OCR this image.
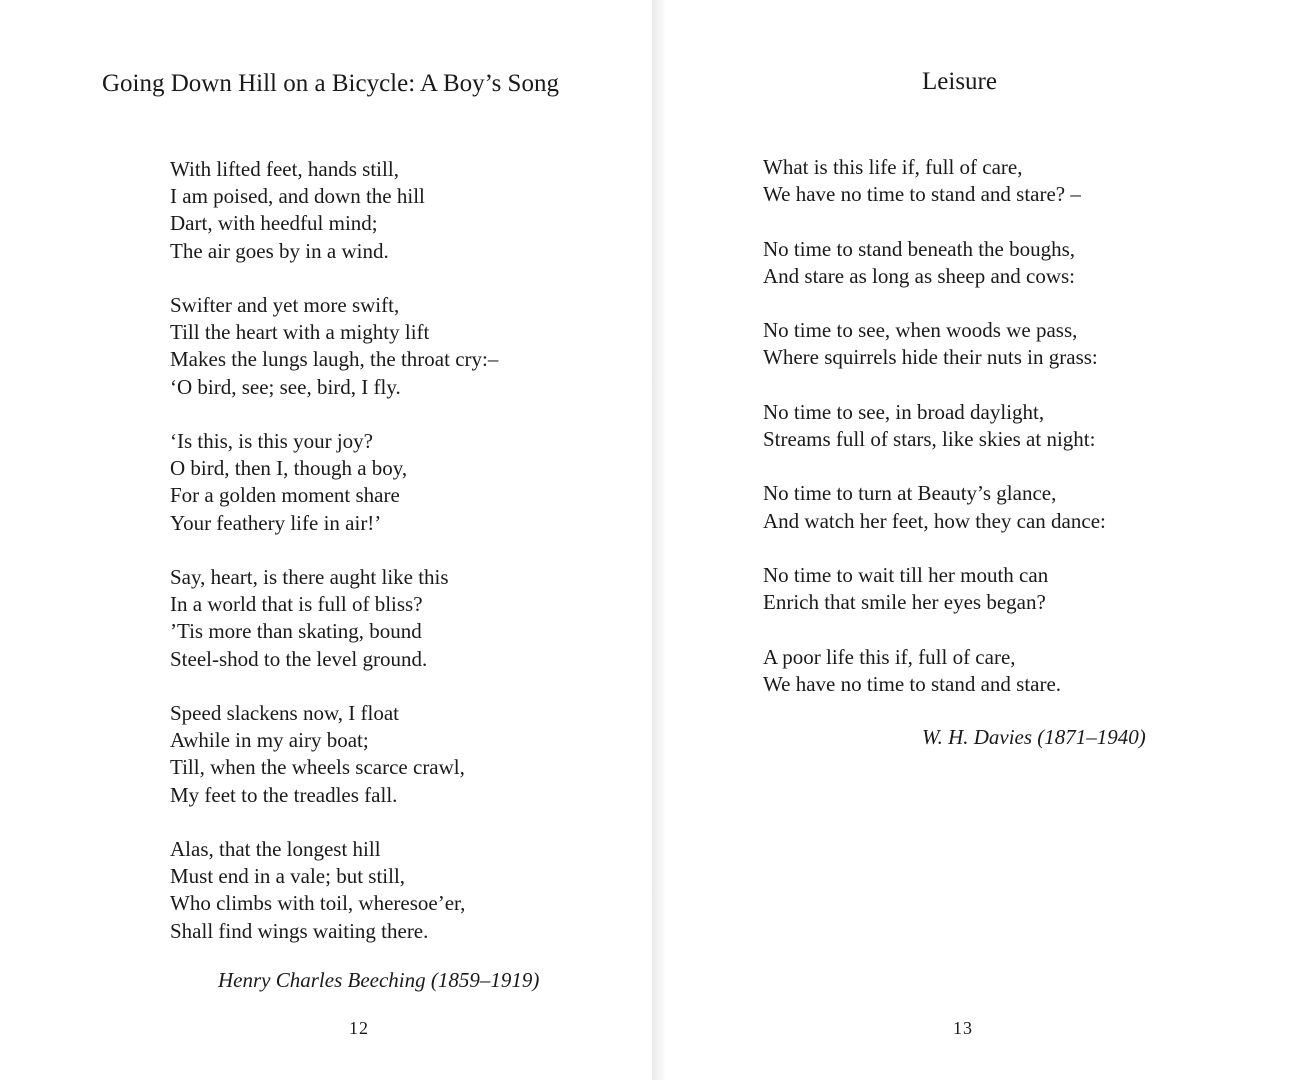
Going Down Hill on a Bicycle: A Boy’s Song

With lifted feet, hands still,
I am poised, and down the hill
Dart, with heedful mind;
The air goes by in a wind.

Swifter and yet more swift,
Till the heart with a mighty lift
Makes the lungs laugh, the throat cry:–
‘O bird, see; see, bird, I fly.

‘Is this, is this your joy?
O bird, then I, though a boy,
For a golden moment share
Your feathery life in air!’

Say, heart, is there aught like this
In a world that is full of bliss?
’Tis more than skating, bound
Steel-shod to the level ground.

Speed slackens now, I float
Awhile in my airy boat;
Till, when the wheels scarce crawl,
My feet to the treadles fall.

Alas, that the longest hill
Must end in a vale; but still,
Who climbs with toil, wheresoe’er,
Shall find wings waiting there.

Henry Charles Beeching (1859–1919)

12

Leisure

What is this life if, full of care,
We have no time to stand and stare? –

No time to stand beneath the boughs,
And stare as long as sheep and cows:

No time to see, when woods we pass,
Where squirrels hide their nuts in grass:

No time to see, in broad daylight,
Streams full of stars, like skies at night:

No time to turn at Beauty’s glance,
And watch her feet, how they can dance:

No time to wait till her mouth can
Enrich that smile her eyes began?

A poor life this if, full of care,
We have no time to stand and stare.

W. H. Davies (1871–1940)

13
